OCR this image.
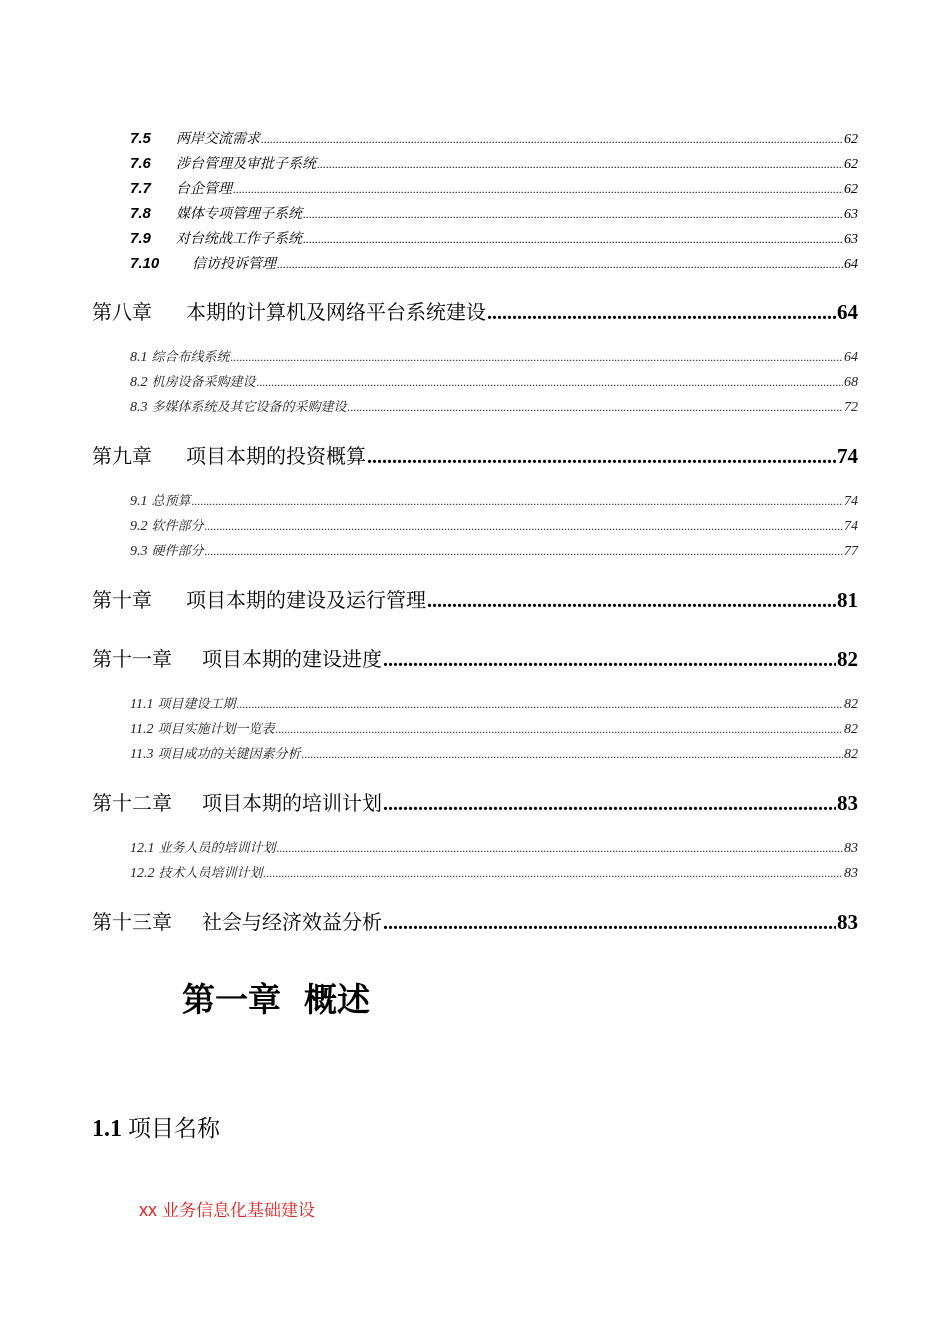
7.5	两岸交流需求 .....	62
7.6	涉台管理及审批子系统 .....	62
7.7	台企管理 .....	62
7.8	媒体专项管理子系统 .....	63
7.9	对台统战工作子系统 .....	63
7.10	信访投诉管理 .....	64
第八章 本期的计算机及网络平台系统建设 .....	64
8.1 综合布线系统 .....	64
8.2 机房设备采购建设 .....	68
8.3 多媒体系统及其它设备的采购建设 .....	72
第九章 项目本期的投资概算 .....	74
9.1 总预算 .....	74
9.2 软件部分 .....	74
9.3 硬件部分 .....	77
第十章 项目本期的建设及运行管理 .....	81
第十一章 项目本期的建设进度 .....	82
11.1 项目建设工期 .....	82
11.2 项目实施计划一览表 .....	82
11.3 项目成功的关键因素分析 .....	82
第十二章 项目本期的培训计划 .....	83
12.1 业务人员的培训计划 .....	83
12.2 技术人员培训计划 .....	83
第十三章 社会与经济效益分析 .....	83
第一章  概述
1.1 项目名称
xx 业务信息化基础建设
